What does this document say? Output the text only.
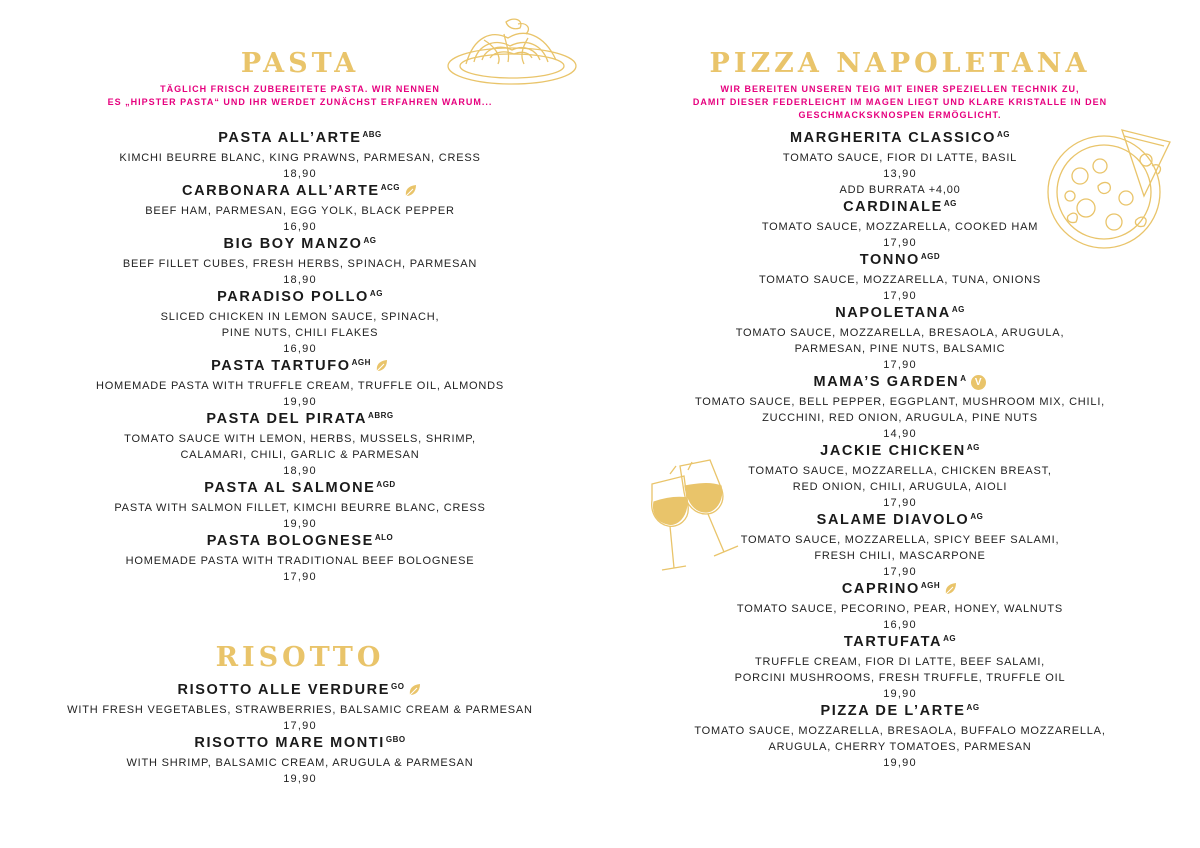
PASTA
TÄGLICH FRISCH ZUBEREITETE PASTA. WIR NENNEN
ES „HIPSTER PASTA“ UND IHR WERDET ZUNÄCHST ERFAHREN WARUM...
PASTA $ALL’ARTE^{ABG}$
KIMCHI BEURRE BLANC, KING PRAWNS, PARMESAN, CRESS
18,90
CARBONARA $ALL’ARTE^{ACG}$
BEEF HAM, PARMESAN, EGG YOLK, BLACK PEPPER
16,90
BIG BOY $MANZO^{AG}$
BEEF FILLET CUBES, FRESH HERBS, SPINACH, PARMESAN
18,90
PARADISO $POLLO^{AG}$
SLICED CHICKEN IN LEMON SAUCE, SPINACH,
PINE NUTS, CHILI FLAKES
16,90
PASTA $TARTUFO^{AGH}$
HOMEMADE PASTA WITH TRUFFLE CREAM, TRUFFLE OIL, ALMONDS
19,90
PASTA DEL $PIRATA^{ABRG}$
TOMATO SAUCE WITH LEMON, HERBS, MUSSELS, SHRIMP,
CALAMARI, CHILI, GARLIC & PARMESAN
18,90
PASTA AL $SALMONE^{AGD}$
PASTA WITH SALMON FILLET, KIMCHI BEURRE BLANC, CRESS
19,90
PASTA $BOLOGNESE^{ALO}$
HOMEMADE PASTA WITH TRADITIONAL BEEF BOLOGNESE
17,90
RISOTTO
RISOTTO ALLE $VERDURE^{GO}$
WITH FRESH VEGETABLES, STRAWBERRIES, BALSAMIC CREAM & PARMESAN
17,90
RISOTTO MARE $MONTI^{GBO}$
WITH SHRIMP, BALSAMIC CREAM, ARUGULA & PARMESAN
19,90
PIZZA NAPOLETANA
WIR BEREITEN UNSEREN TEIG MIT EINER SPEZIELLEN TECHNIK ZU,
DAMIT DIESER FEDERLEICHT IM MAGEN LIEGT UND KLARE KRISTALLE IN DEN
GESCHMACKSKNOSPEN ERMÖGLICHT.
MARGHERITA $CLASSICO^{AG}$
TOMATO SAUCE, FIOR DI LATTE, BASIL
13,90
ADD BURRATA +4,00
$CARDINALE^{AG}$
TOMATO SAUCE, MOZZARELLA, COOKED HAM
17,90
$TONNO^{AGD}$
TOMATO SAUCE, MOZZARELLA, TUNA, ONIONS
17,90
$NAPOLETANA^{AG}$
TOMATO SAUCE, MOZZARELLA, BRESAOLA, ARUGULA,
PARMESAN, PINE NUTS, BALSAMIC
17,90
MAMA’S $GARDEN^A$ V
TOMATO SAUCE, BELL PEPPER, EGGPLANT, MUSHROOM MIX, CHILI,
ZUCCHINI, RED ONION, ARUGULA, PINE NUTS
14,90
JACKIE $CHICKEN^{AG}$
TOMATO SAUCE, MOZZARELLA, CHICKEN BREAST,
RED ONION, CHILI, ARUGULA, AIOLI
17,90
SALAME $DIAVOLO^{AG}$
TOMATO SAUCE, MOZZARELLA, SPICY BEEF SALAMI,
FRESH CHILI, MASCARPONE
17,90
$CAPRINO^{AGH}$
TOMATO SAUCE, PECORINO, PEAR, HONEY, WALNUTS
16,90
$TARTUFATA^{AG}$
TRUFFLE CREAM, FIOR DI LATTE, BEEF SALAMI,
PORCINI MUSHROOMS, FRESH TRUFFLE, TRUFFLE OIL
19,90
PIZZA DE $L’ARTE^{AG}$
TOMATO SAUCE, MOZZARELLA, BRESAOLA, BUFFALO MOZZARELLA,
ARUGULA, CHERRY TOMATOES, PARMESAN
19,90
